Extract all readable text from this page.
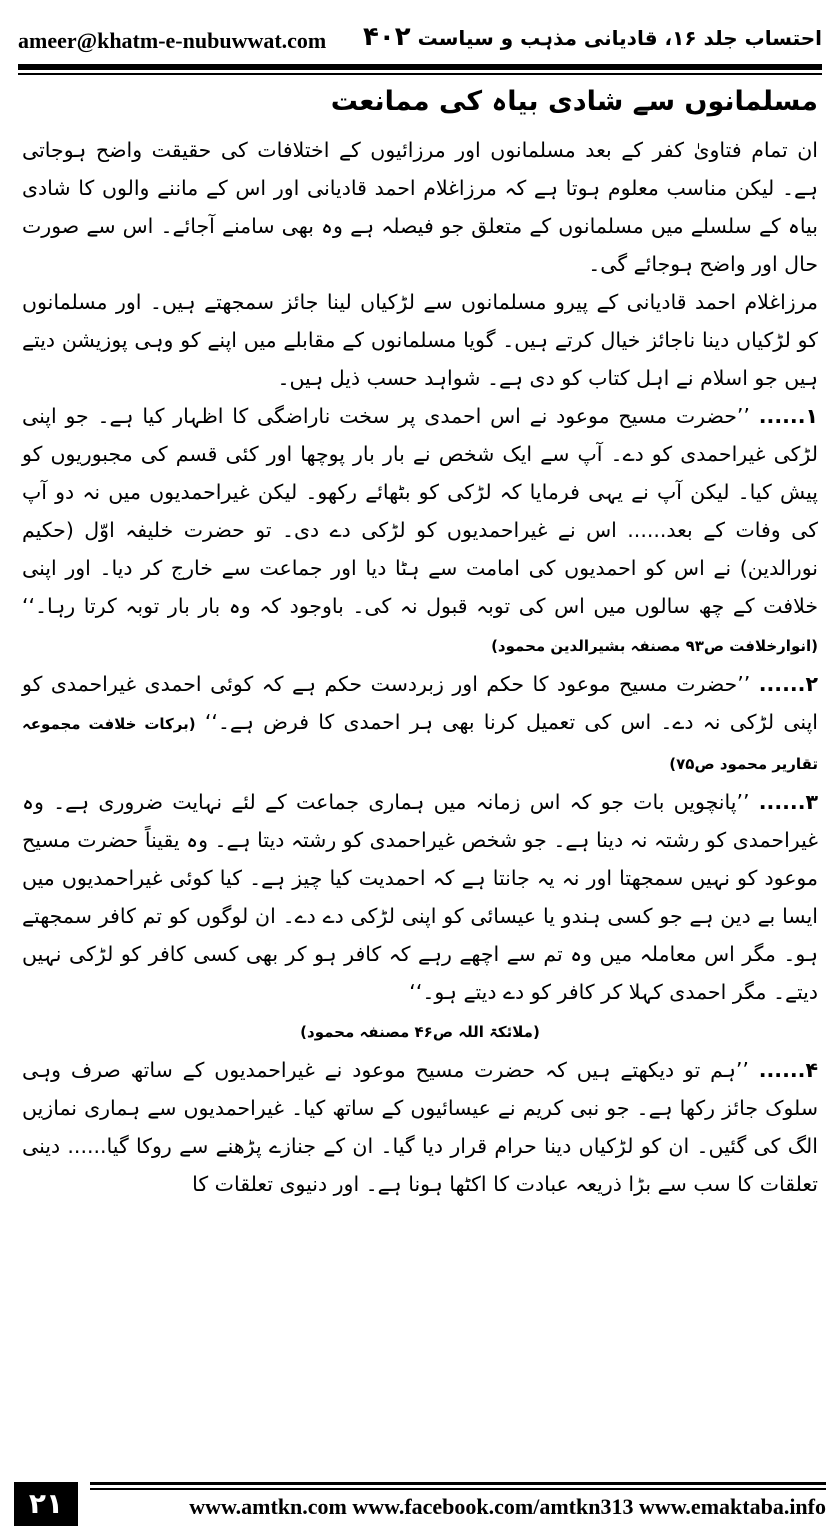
ameer@khatm-e-nubuwwat.com ۴۰۲ احتساب جلد ۱۶، قادیانی مذہب و سیاست
مسلمانوں سے شادی بیاہ کی ممانعت

ان تمام فتاویٰ کفر کے بعد مسلمانوں اور مرزائیوں کے اختلافات کی حقیقت واضح ہوجاتی ہے۔ لیکن مناسب معلوم ہوتا ہے کہ مرزاغلام احمد قادیانی اور اس کے ماننے والوں کا شادی بیاہ کے سلسلے میں مسلمانوں کے متعلق جو فیصلہ ہے وہ بھی سامنے آجائے۔ اس سے صورت حال اور واضح ہوجائے گی۔

مرزاغلام احمد قادیانی کے پیرو مسلمانوں سے لڑکیاں لینا جائز سمجھتے ہیں۔ اور مسلمانوں کو لڑکیاں دینا ناجائز خیال کرتے ہیں۔ گویا مسلمانوں کے مقابلے میں اپنے کو وہی پوزیشن دیتے ہیں جو اسلام نے اہل کتاب کو دی ہے۔ شواہد حسب ذیل ہیں۔

۱...... ’’حضرت مسیح موعود نے اس احمدی پر سخت ناراضگی کا اظہار کیا ہے۔ جو اپنی لڑکی غیراحمدی کو دے۔ آپ سے ایک شخص نے بار بار پوچھا اور کئی قسم کی مجبوریوں کو پیش کیا۔ لیکن آپ نے یہی فرمایا کہ لڑکی کو بٹھائے رکھو۔ لیکن غیراحمدیوں میں نہ دو آپ کی وفات کے بعد...... اس نے غیراحمدیوں کو لڑکی دے دی۔ تو حضرت خلیفہ اوّل (حکیم نورالدین) نے اس کو احمدیوں کی امامت سے ہٹا دیا اور جماعت سے خارج کر دیا۔ اور اپنی خلافت کے چھ سالوں میں اس کی توبہ قبول نہ کی۔ باوجود کہ وہ بار بار توبہ کرتا رہا۔‘‘ (انوارخلافت ص۹۳ مصنفہ بشیرالدین محمود)

۲...... ’’حضرت مسیح موعود کا حکم اور زبردست حکم ہے کہ کوئی احمدی غیراحمدی کو اپنی لڑکی نہ دے۔ اس کی تعمیل کرنا بھی ہر احمدی کا فرض ہے۔‘‘ (برکات خلافت مجموعہ تقاریر محمود ص۷۵)

۳...... ’’پانچویں بات جو کہ اس زمانہ میں ہماری جماعت کے لئے نہایت ضروری ہے۔ وہ غیراحمدی کو رشتہ نہ دینا ہے۔ جو شخص غیراحمدی کو رشتہ دیتا ہے۔ وہ یقیناً حضرت مسیح موعود کو نہیں سمجھتا اور نہ یہ جانتا ہے کہ احمدیت کیا چیز ہے۔ کیا کوئی غیراحمدیوں میں ایسا بے دین ہے جو کسی ہندو یا عیسائی کو اپنی لڑکی دے دے۔ ان لوگوں کو تم کافر سمجھتے ہو۔ مگر اس معاملہ میں وہ تم سے اچھے رہے کہ کافر ہو کر بھی کسی کافر کو لڑکی نہیں دیتے۔ مگر احمدی کہلا کر کافر کو دے دیتے ہو۔‘‘

(ملائکۃ اللہ ص۴۶ مصنفہ محمود)

۴...... ’’ہم تو دیکھتے ہیں کہ حضرت مسیح موعود نے غیراحمدیوں کے ساتھ صرف وہی سلوک جائز رکھا ہے۔ جو نبی کریم نے عیسائیوں کے ساتھ کیا۔ غیراحمدیوں سے ہماری نمازیں الگ کی گئیں۔ ان کو لڑکیاں دینا حرام قرار دیا گیا۔ ان کے جنازے پڑھنے سے روکا گیا...... دینی تعلقات کا سب سے بڑا ذریعہ عبادت کا اکٹھا ہونا ہے۔ اور دنیوی تعلقات کا

۲۱	www.amtkn.com www.facebook.com/amtkn313 www.emaktaba.info
